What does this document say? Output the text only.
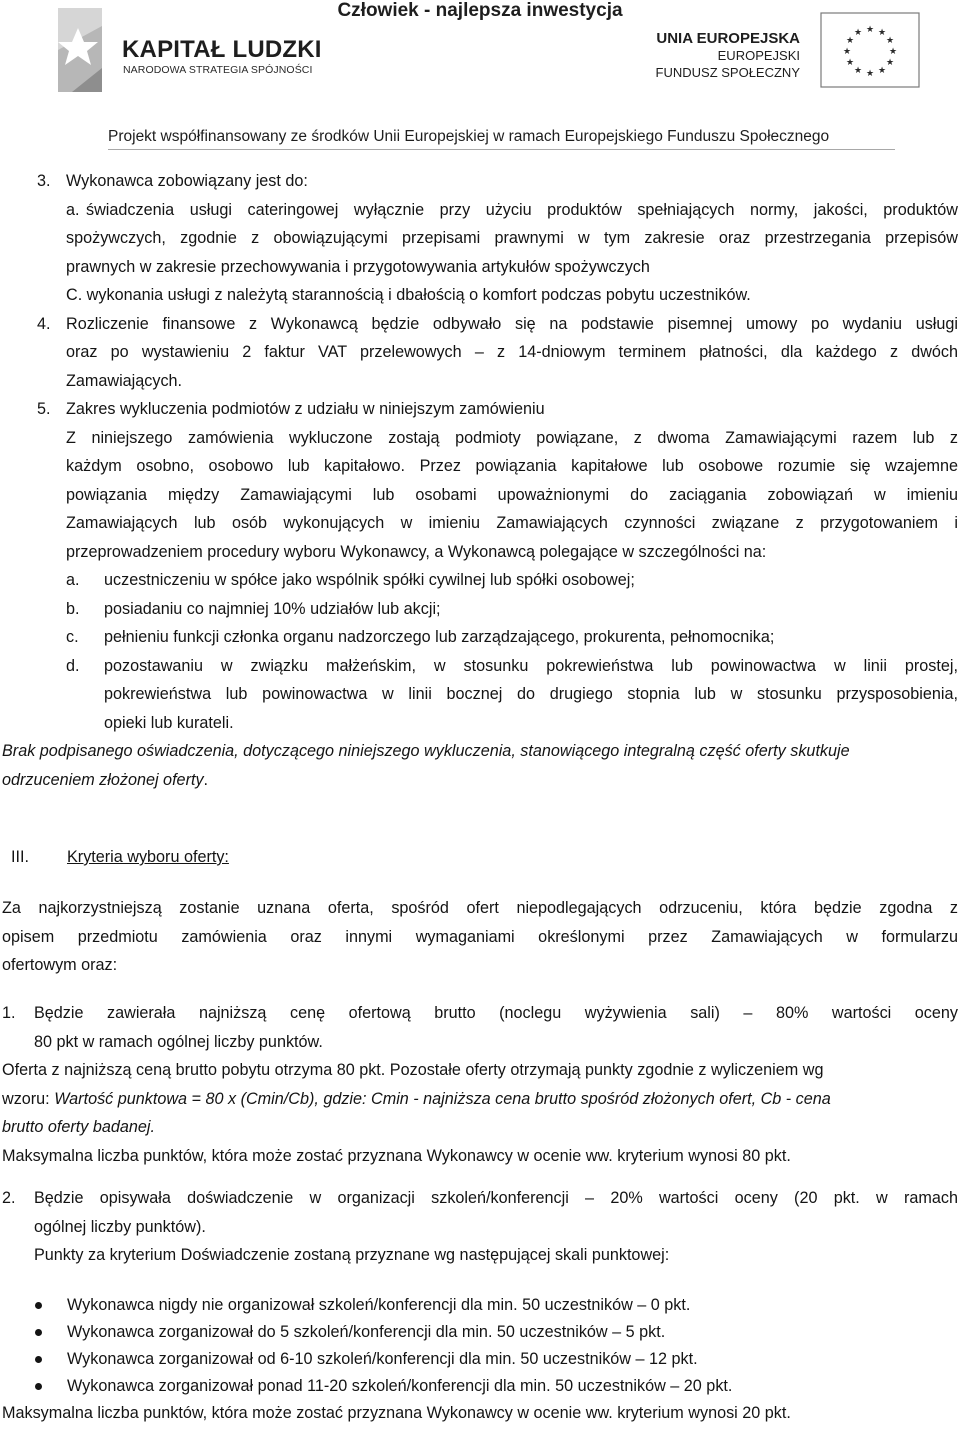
Człowiek - najlepsza inwestycja
KAPITAŁ LUDZKI
NARODOWA STRATEGIA SPÓJNOŚCI
UNIA EUROPEJSKA
EUROPEJSKI
FUNDUSZ SPOŁECZNY
★ ★
★
★
★
★
★
★
★
★
★
★
Projekt współfinansowany ze środków Unii Europejskiej w ramach Europejskiego Funduszu Społecznego
3. Wykonawca zobowiązany jest do:
a. świadczenia usługi cateringowej wyłącznie przy użyciu produktów spełniających normy, jakości, produktów
spożywczych, zgodnie z obowiązującymi przepisami prawnymi w tym zakresie oraz przestrzegania przepisów
prawnych w zakresie przechowywania i przygotowywania artykułów spożywczych
C. wykonania usługi z należytą starannością i dbałością o komfort podczas pobytu uczestników.
4. Rozliczenie finansowe z Wykonawcą będzie odbywało się na podstawie pisemnej umowy po wydaniu usługi
oraz po wystawieniu 2 faktur VAT przelewowych – z 14-dniowym terminem płatności, dla każdego z dwóch
Zamawiających.
5. Zakres wykluczenia podmiotów z udziału w niniejszym zamówieniu
Z niniejszego zamówienia wykluczone zostają podmioty powiązane, z dwoma Zamawiającymi razem lub z
każdym osobno, osobowo lub kapitałowo. Przez powiązania kapitałowe lub osobowe rozumie się wzajemne
powiązania między Zamawiającymi lub osobami upoważnionymi do zaciągania zobowiązań w imieniu
Zamawiających lub osób wykonujących w imieniu Zamawiających czynności związane z przygotowaniem i
przeprowadzeniem procedury wyboru Wykonawcy, a Wykonawcą polegające w szczególności na:
a. uczestniczeniu w spółce jako wspólnik spółki cywilnej lub spółki osobowej;
b. posiadaniu co najmniej 10% udziałów lub akcji;
c. pełnieniu funkcji członka organu nadzorczego lub zarządzającego, prokurenta, pełnomocnika;
d. pozostawaniu w związku małżeńskim, w stosunku pokrewieństwa lub powinowactwa w linii prostej,
pokrewieństwa lub powinowactwa w linii bocznej do drugiego stopnia lub w stosunku przysposobienia,
opieki lub kurateli.
Brak podpisanego oświadczenia, dotyczącego niniejszego wykluczenia, stanowiącego integralną część oferty skutkuje
odrzuceniem złożonej oferty.
III. Kryteria wyboru oferty:
Za najkorzystniejszą zostanie uznana oferta, spośród ofert niepodlegających odrzuceniu, która będzie zgodna z
opisem przedmiotu zamówienia oraz innymi wymaganiami określonymi przez Zamawiających w formularzu
ofertowym oraz:
1. Będzie zawierała najniższą cenę ofertową brutto (noclegu wyżywienia sali) – 80% wartości oceny
80 pkt w ramach ogólnej liczby punktów.
Oferta z najniższą ceną brutto pobytu otrzyma 80 pkt. Pozostałe oferty otrzymają punkty zgodnie z wyliczeniem wg
wzoru: Wartość punktowa = 80 x (Cmin/Cb), gdzie: Cmin - najniższa cena brutto spośród złożonych ofert, Cb - cena
brutto oferty badanej.
Maksymalna liczba punktów, która może zostać przyznana Wykonawcy w ocenie ww. kryterium wynosi 80 pkt.
2. Będzie opisywała doświadczenie w organizacji szkoleń/konferencji – 20% wartości oceny (20 pkt. w ramach
ogólnej liczby punktów).
Punkty za kryterium Doświadczenie zostaną przyznane wg następującej skali punktowej:
Wykonawca nigdy nie organizował szkoleń/konferencji dla min. 50 uczestników – 0 pkt.
Wykonawca zorganizował do 5 szkoleń/konferencji dla min. 50 uczestników – 5 pkt.
Wykonawca zorganizował od 6-10 szkoleń/konferencji dla min. 50 uczestników – 12 pkt.
Wykonawca zorganizował ponad 11-20 szkoleń/konferencji dla min. 50 uczestników – 20 pkt.
Maksymalna liczba punktów, która może zostać przyznana Wykonawcy w ocenie ww. kryterium wynosi 20 pkt.
